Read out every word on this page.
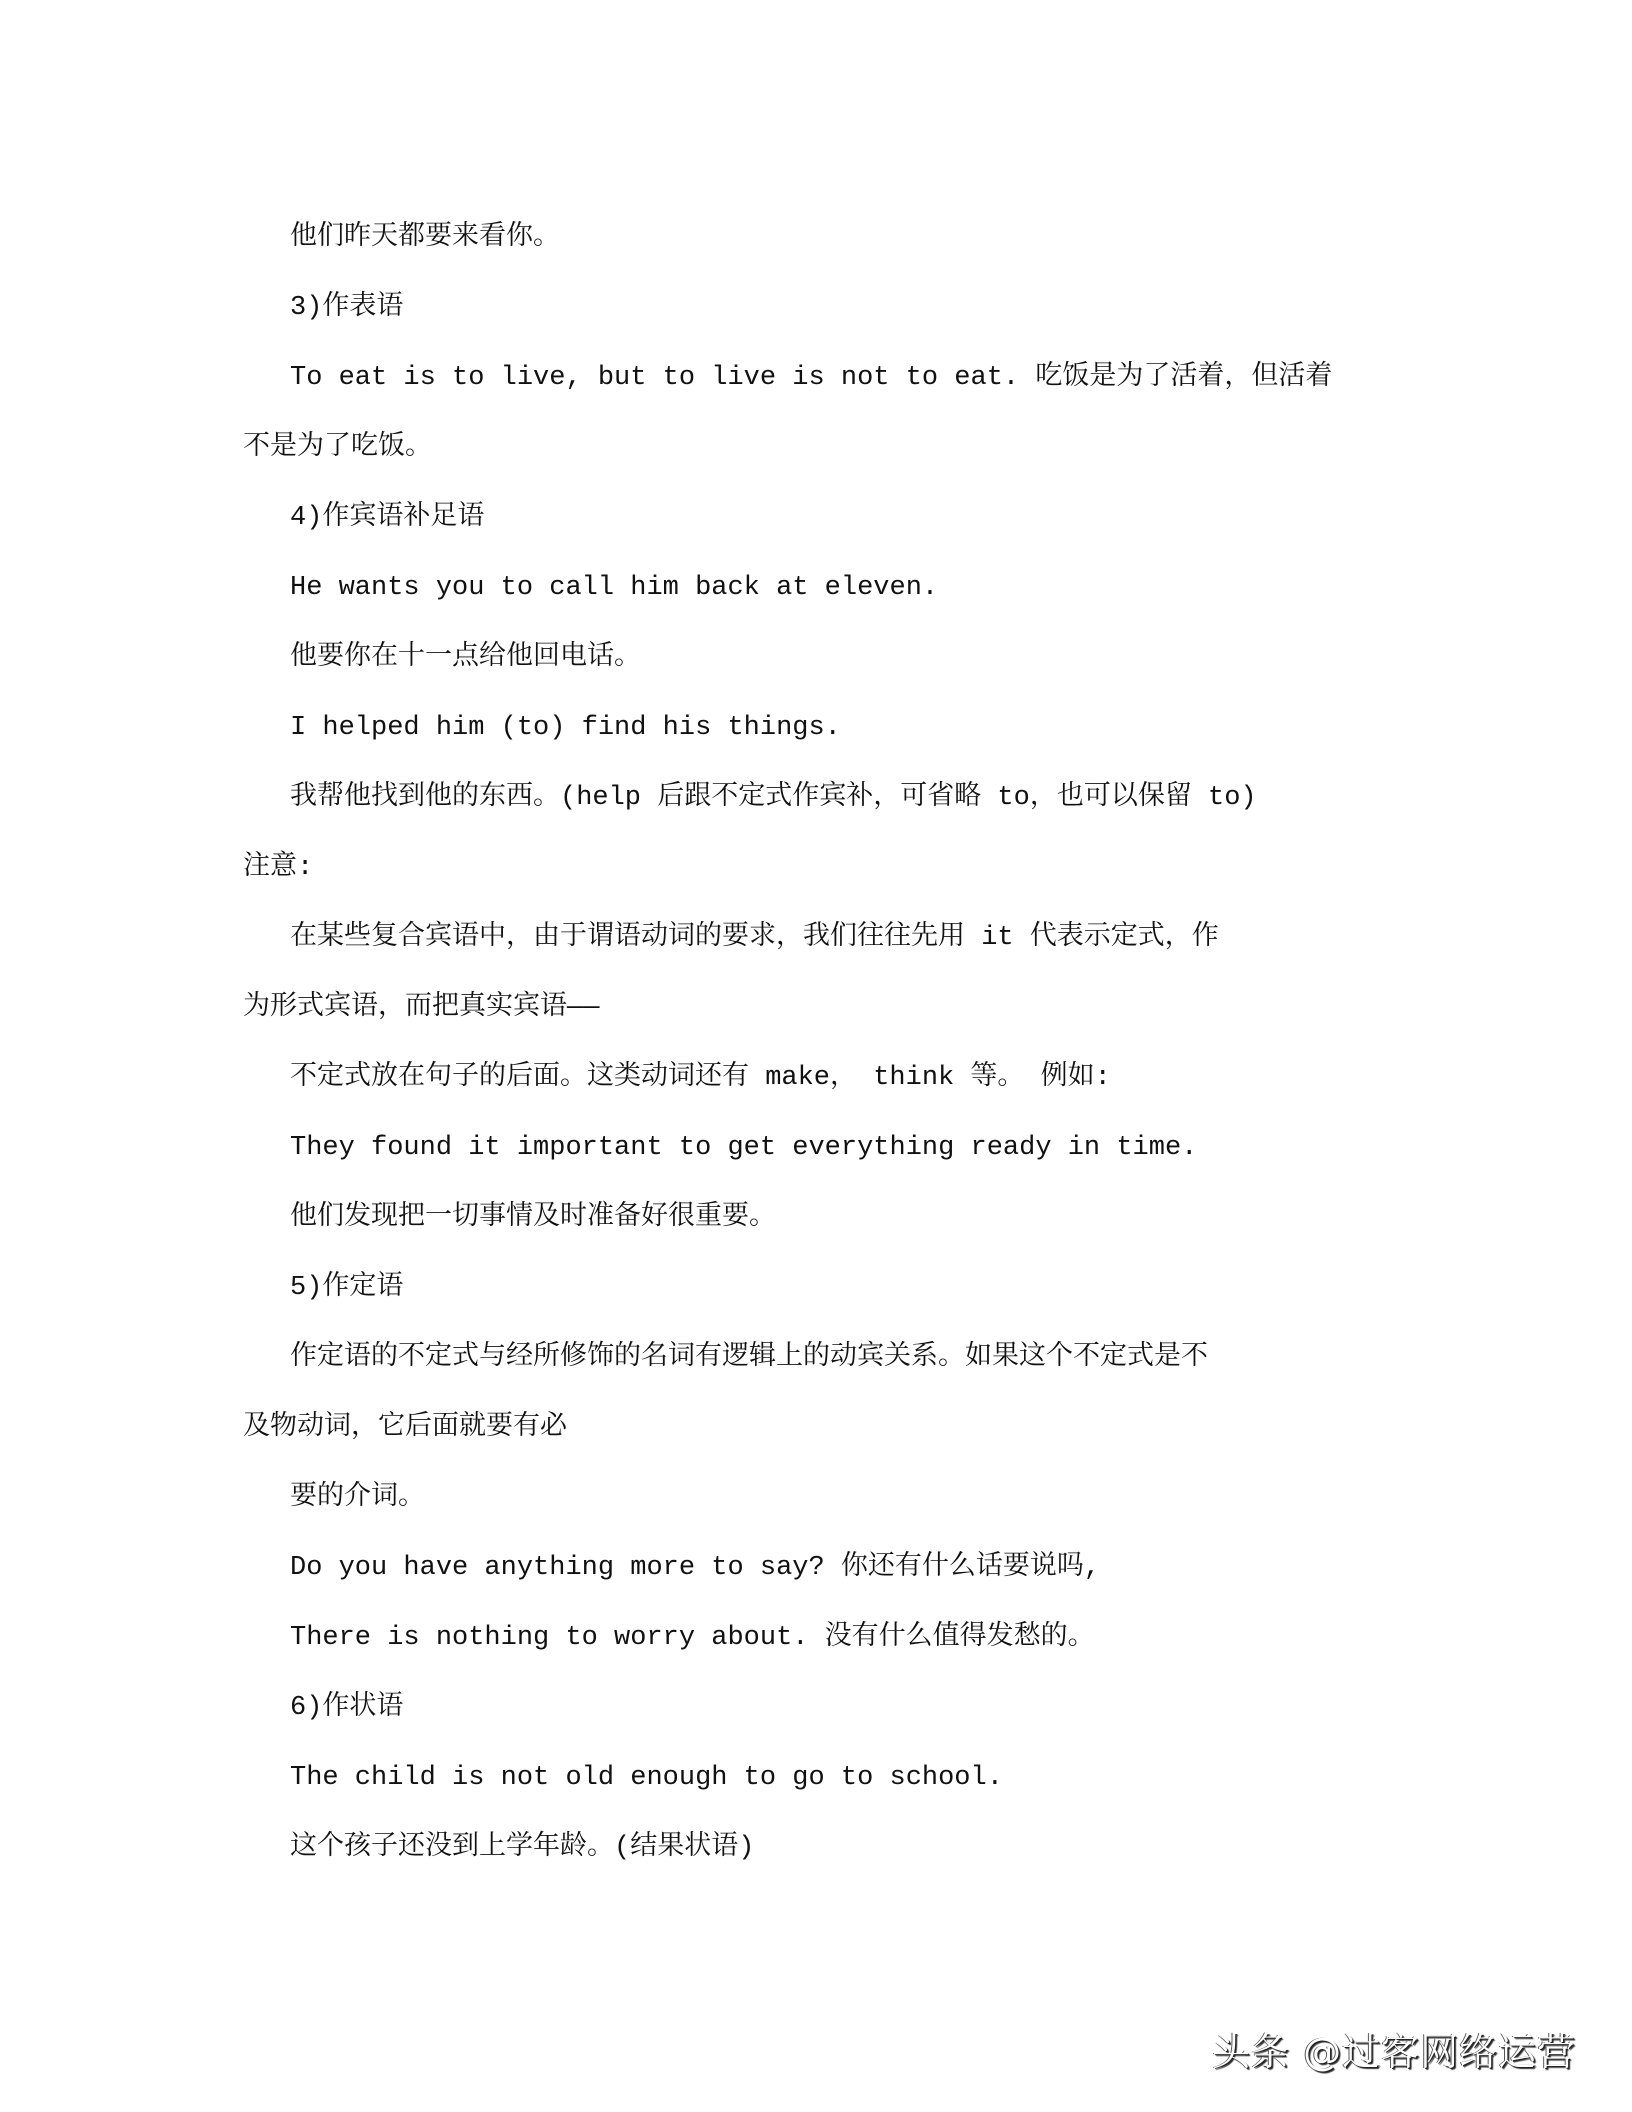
他们昨天都要来看你。
3)作表语
To eat is to live, but to live is not to eat. 吃饭是为了活着，但活着
不是为了吃饭。
4)作宾语补足语
He wants you to call him back at eleven.
他要你在十一点给他回电话。
I helped him (to) find his things.
我帮他找到他的东西。(help 后跟不定式作宾补，可省略 to，也可以保留 to)
注意:
在某些复合宾语中，由于谓语动词的要求，我们往往先用 it 代表示定式，作
为形式宾语，而把真实宾语——
不定式放在句子的后面。这类动词还有 make， think 等。 例如:
They found it important to get everything ready in time.
他们发现把一切事情及时准备好很重要。
5)作定语
作定语的不定式与经所修饰的名词有逻辑上的动宾关系。如果这个不定式是不
及物动词，它后面就要有必
要的介词。
Do you have anything more to say? 你还有什么话要说吗,
There is nothing to worry about. 没有什么值得发愁的。
6)作状语
The child is not old enough to go to school.
这个孩子还没到上学年龄。(结果状语)
头条 @过客网络运营
